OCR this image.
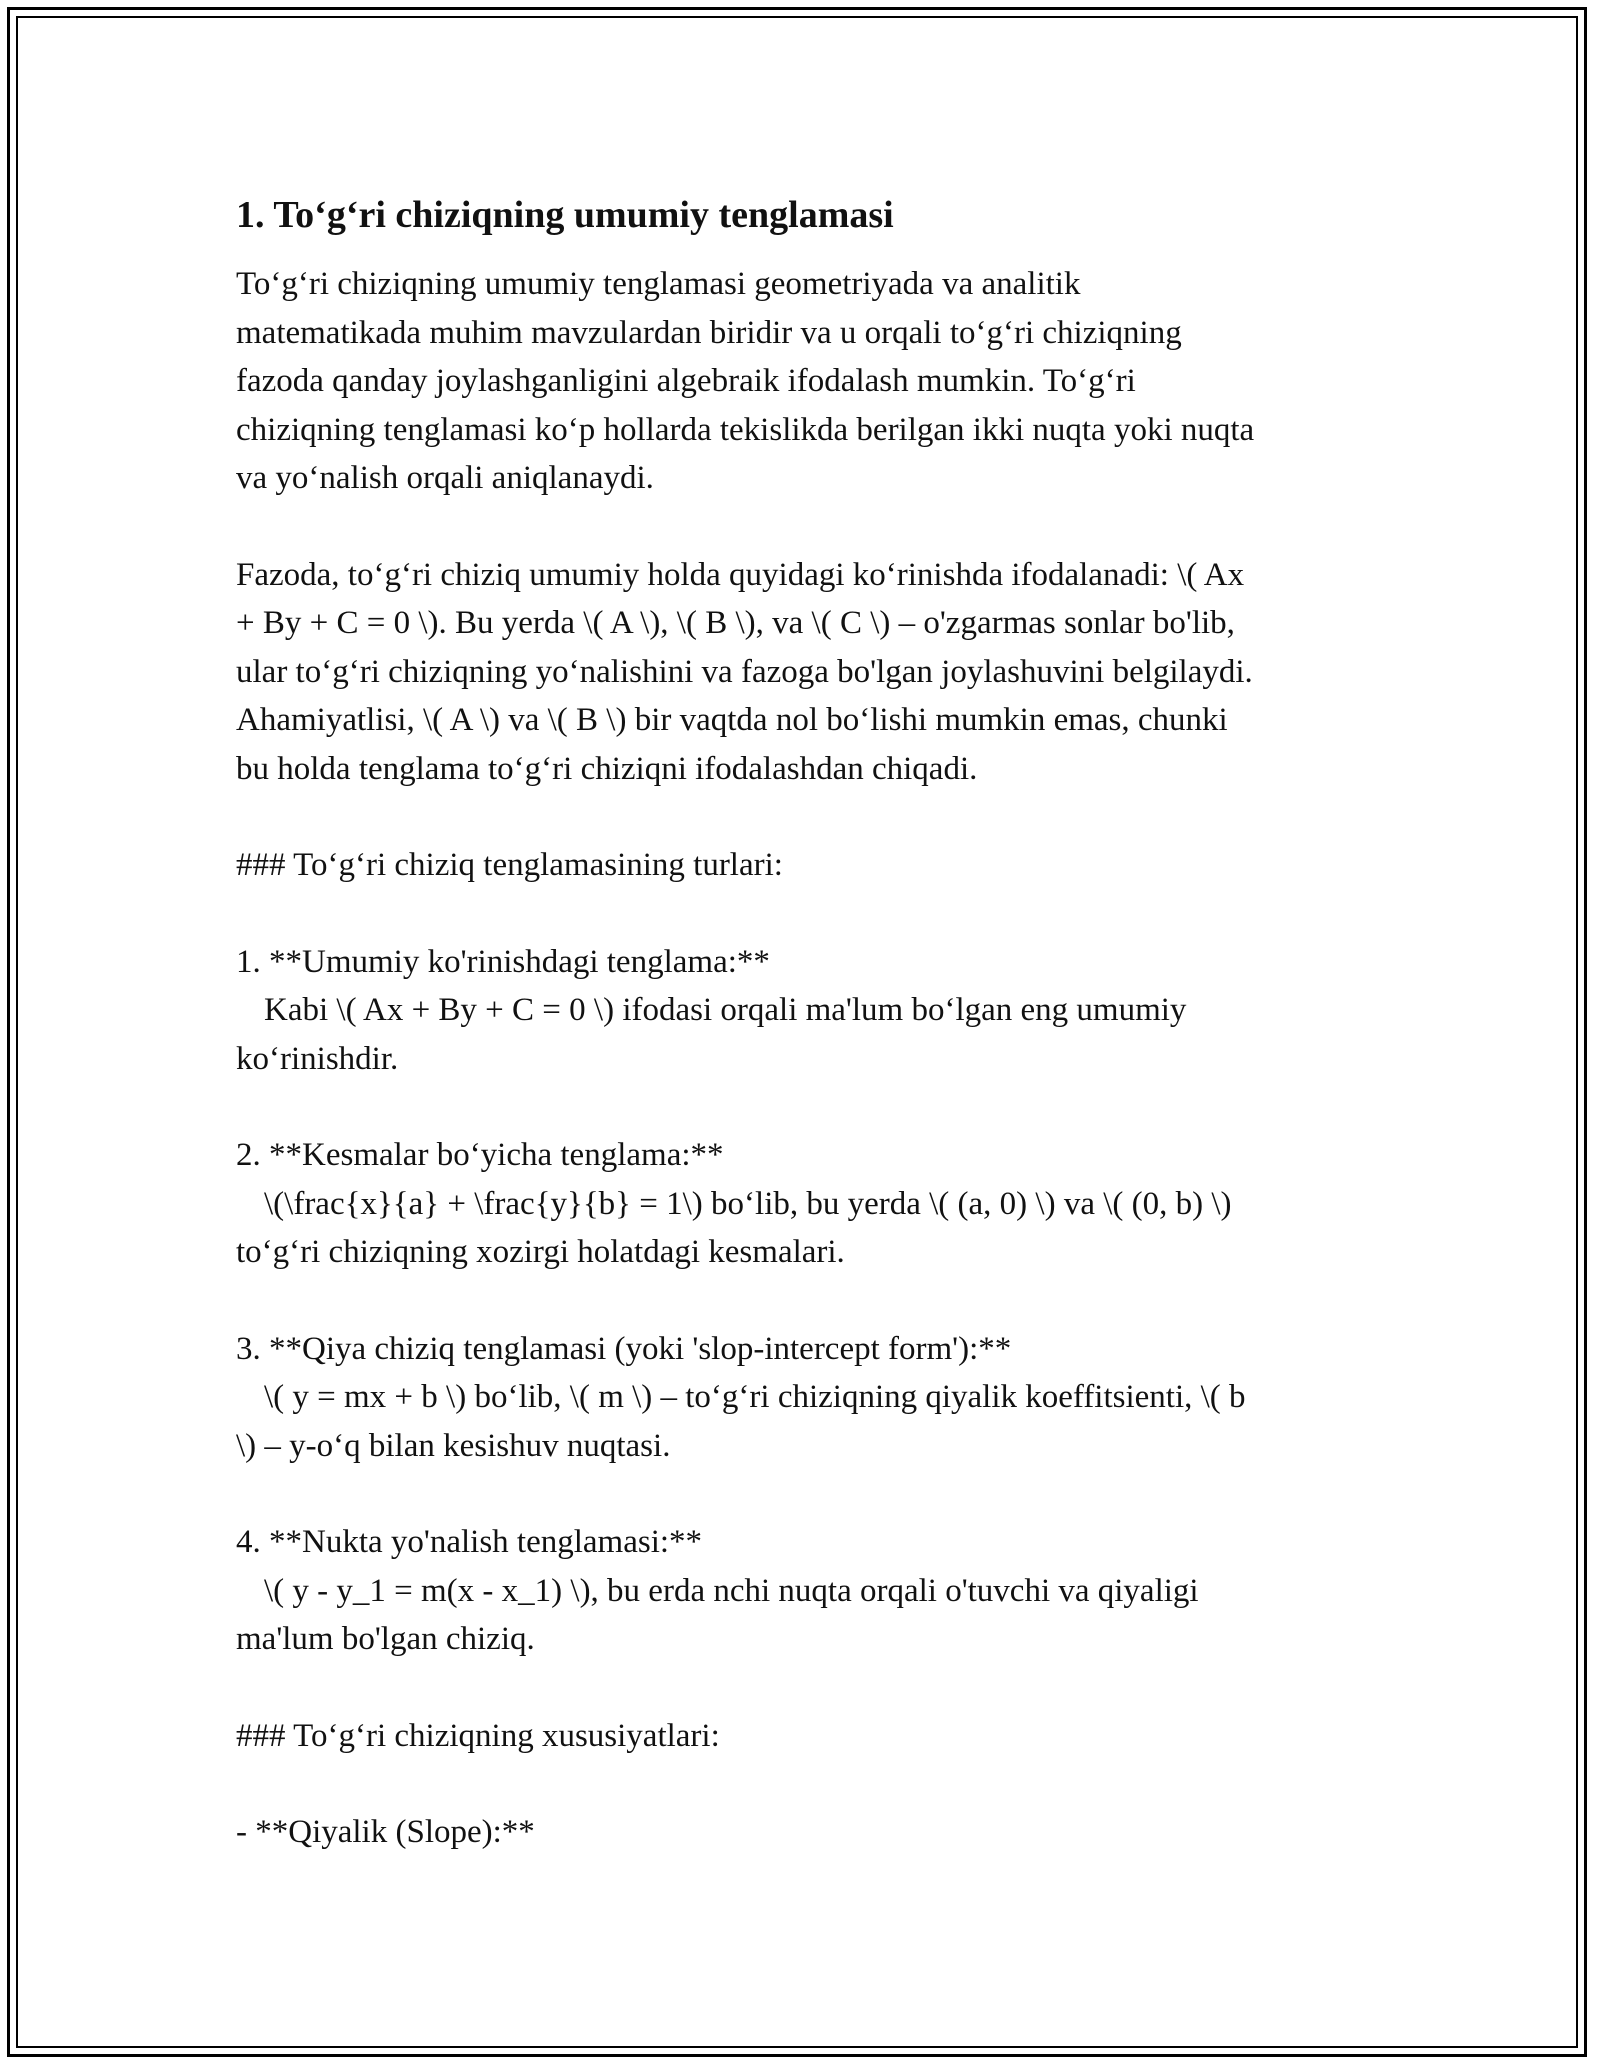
1. To‘g‘ri chiziqning umumiy tenglamasi
To‘g‘ri chiziqning umumiy tenglamasi geometriyada va analitik
matematikada muhim mavzulardan biridir va u orqali to‘g‘ri chiziqning
fazoda qanday joylashganligini algebraik ifodalash mumkin. To‘g‘ri
chiziqning tenglamasi ko‘p hollarda tekislikda berilgan ikki nuqta yoki nuqta
va yo‘nalish orqali aniqlanaydi.
Fazoda, to‘g‘ri chiziq umumiy holda quyidagi ko‘rinishda ifodalanadi: \( Ax
+ By + C = 0 \). Bu yerda \( A \), \( B \), va \( C \) – o'zgarmas sonlar bo'lib,
ular to‘g‘ri chiziqning yo‘nalishini va fazoga bo'lgan joylashuvini belgilaydi.
Ahamiyatlisi, \( A \) va \( B \) bir vaqtda nol bo‘lishi mumkin emas, chunki
bu holda tenglama to‘g‘ri chiziqni ifodalashdan chiqadi.
### To‘g‘ri chiziq tenglamasining turlari:
1. **Umumiy ko'rinishdagi tenglama:**
Kabi \( Ax + By + C = 0 \) ifodasi orqali ma'lum bo‘lgan eng umumiy
ko‘rinishdir.
2. **Kesmalar bo‘yicha tenglama:**
\(\frac{x}{a} + \frac{y}{b} = 1\) bo‘lib, bu yerda \( (a, 0) \) va \( (0, b) \)
to‘g‘ri chiziqning xozirgi holatdagi kesmalari.
3. **Qiya chiziq tenglamasi (yoki 'slop-intercept form'):**
\( y = mx + b \) bo‘lib, \( m \) – to‘g‘ri chiziqning qiyalik koeffitsienti, \( b
\) – y-o‘q bilan kesishuv nuqtasi.
4. **Nukta yo'nalish tenglamasi:**
\( y - y_1 = m(x - x_1) \), bu erda nchi nuqta orqali o'tuvchi va qiyaligi
ma'lum bo'lgan chiziq.
### To‘g‘ri chiziqning xususiyatlari:
- **Qiyalik (Slope):**
